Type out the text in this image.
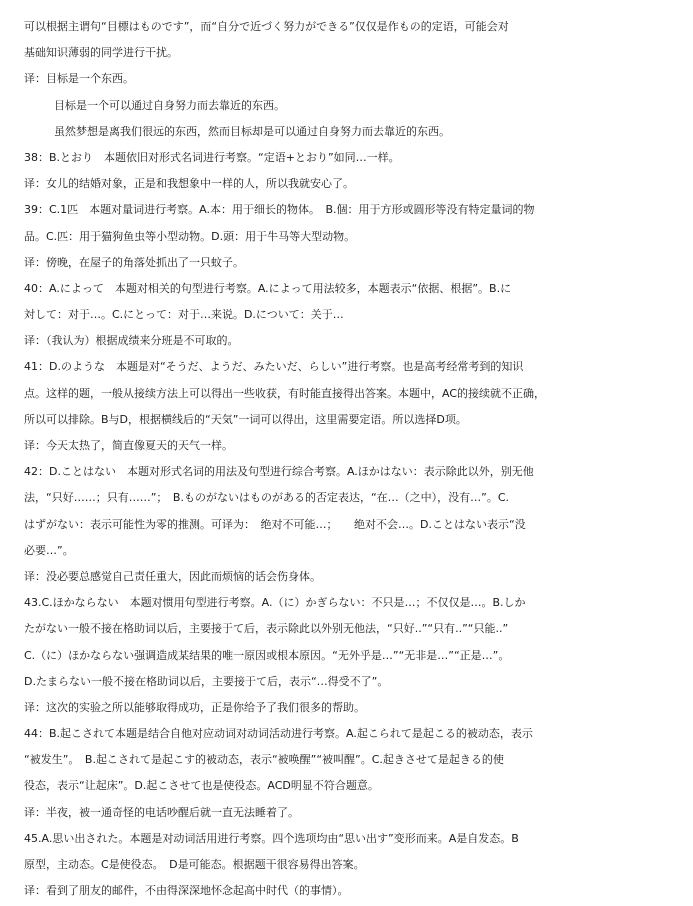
可以根据主谓句“目標はものです”，而“自分で近づく努力ができる”仅仅是作もの的定语，可能会对
基础知识薄弱的同学进行干扰。
译：目标是一个东西。
目标是一个可以通过自身努力而去靠近的东西。
虽然梦想是离我们很远的东西，然而目标却是可以通过自身努力而去靠近的东西。
38：B.とおり　本题依旧对形式名词进行考察。“定语+とおり”如同…一样。
译：女儿的结婚对象，正是和我想象中一样的人，所以我就安心了。
39：C.1匹　本题对量词进行考察。A.本：用于细长的物体。　B.個：用于方形或圆形等没有特定量词的物
品。C.匹：用于猫狗鱼虫等小型动物。D.頭：用于牛马等大型动物。
译：傍晚，在屋子的角落处抓出了一只蚊子。
40：A.によって　本题对相关的句型进行考察。A.によって用法较多，本题表示“依据、根据”。B.に
対して：对于…。C.にとって：对于…来说。D.について：关于…
译：（我认为）根据成绩来分班是不可取的。
41：D.のような　本题是对“そうだ、ようだ、みたいだ、らしい”进行考察。也是高考经常考到的知识
点。这样的题，一般从接续方法上可以得出一些收获，有时能直接得出答案。本题中，AC的接续就不正确，
所以可以排除。B与D，根据横线后的“天気”一词可以得出，这里需要定语。所以选择D项。
译：今天太热了，简直像夏天的天气一样。
42：D.ことはない　本题对形式名词的用法及句型进行综合考察。A.ほかはない：表示除此以外，别无他
法，“只好……；只有……”；　B.ものがないはものがある的否定表达，“在…（之中），没有…”。C.
はずがない：表示可能性为零的推测。可译为：　绝对不可能…；　　绝对不会…。D.ことはない表示“没
必要…”。
译：没必要总感觉自己责任重大，因此而烦恼的话会伤身体。
43.C.ほかならない　本题对惯用句型进行考察。A.（に）かぎらない：不只是…；不仅仅是…。B.しか
たがない一般不接在格助词以后，主要接于て后，表示除此以外别无他法，“只好..”“只有..”“只能..”
C.（に）ほかならない强调造成某结果的唯一原因或根本原因。“无外乎是…”“无非是…”“正是…”。
D.たまらない一般不接在格助词以后，主要接于て后，表示“…得受不了”。
译：这次的实验之所以能够取得成功，正是你给予了我们很多的帮助。
44：B.起こされて本题是结合自他对应动词对动词活动进行考察。A.起こられて是起こる的被动态，表示
“被发生”。　B.起こされて是起こす的被动态，表示“被唤醒”“被叫醒”。C.起きさせて是起きる的使
役态，表示“让起床”。D.起こさせて也是使役态。ACD明显不符合题意。
译：半夜，被一通奇怪的电话吵醒后就一直无法睡着了。
45.A.思い出された。本题是对动词活用进行考察。四个选项均由“思い出す”变形而来。A是自发态。B
原型，主动态。C是使役态。　D是可能态。根据题干很容易得出答案。
译：看到了朋友的邮件，不由得深深地怀念起高中时代（的事情）。
